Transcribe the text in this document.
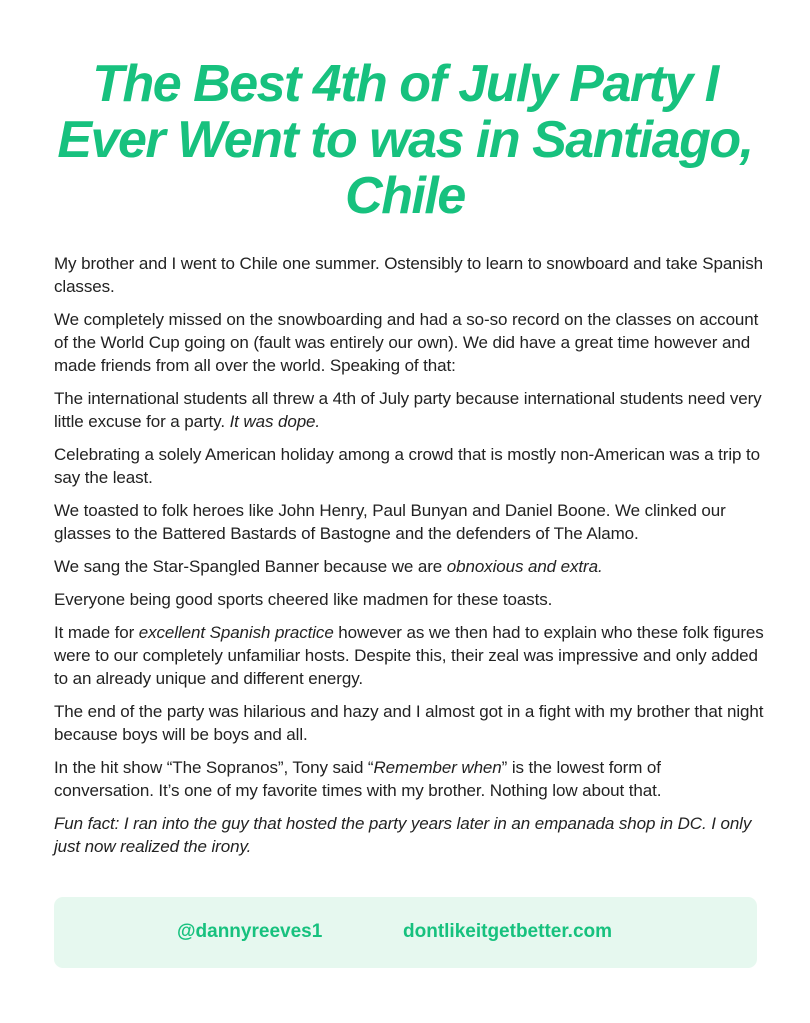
The Best 4th of July Party I Ever Went to was in Santiago, Chile

My brother and I went to Chile one summer. Ostensibly to learn to snowboard and take Spanish classes.

We completely missed on the snowboarding and had a so-so record on the classes on account of the World Cup going on (fault was entirely our own). We did have a great time however and made friends from all over the world. Speaking of that:

The international students all threw a 4th of July party because international students need very little excuse for a party. It was dope.

Celebrating a solely American holiday among a crowd that is mostly non-American was a trip to say the least.

We toasted to folk heroes like John Henry, Paul Bunyan and Daniel Boone. We clinked our glasses to the Battered Bastards of Bastogne and the defenders of The Alamo.

We sang the Star-Spangled Banner because we are obnoxious and extra.

Everyone being good sports cheered like madmen for these toasts.

It made for excellent Spanish practice however as we then had to explain who these folk figures were to our completely unfamiliar hosts. Despite this, their zeal was impressive and only added to an already unique and different energy.

The end of the party was hilarious and hazy and I almost got in a fight with my brother that night because boys will be boys and all.

In the hit show “The Sopranos”, Tony said “Remember when” is the lowest form of conversation. It’s one of my favorite times with my brother. Nothing low about that.

Fun fact: I ran into the guy that hosted the party years later in an empanada shop in DC. I only just now realized the irony.

@dannyreeves1	dontlikeitgetbetter.com
